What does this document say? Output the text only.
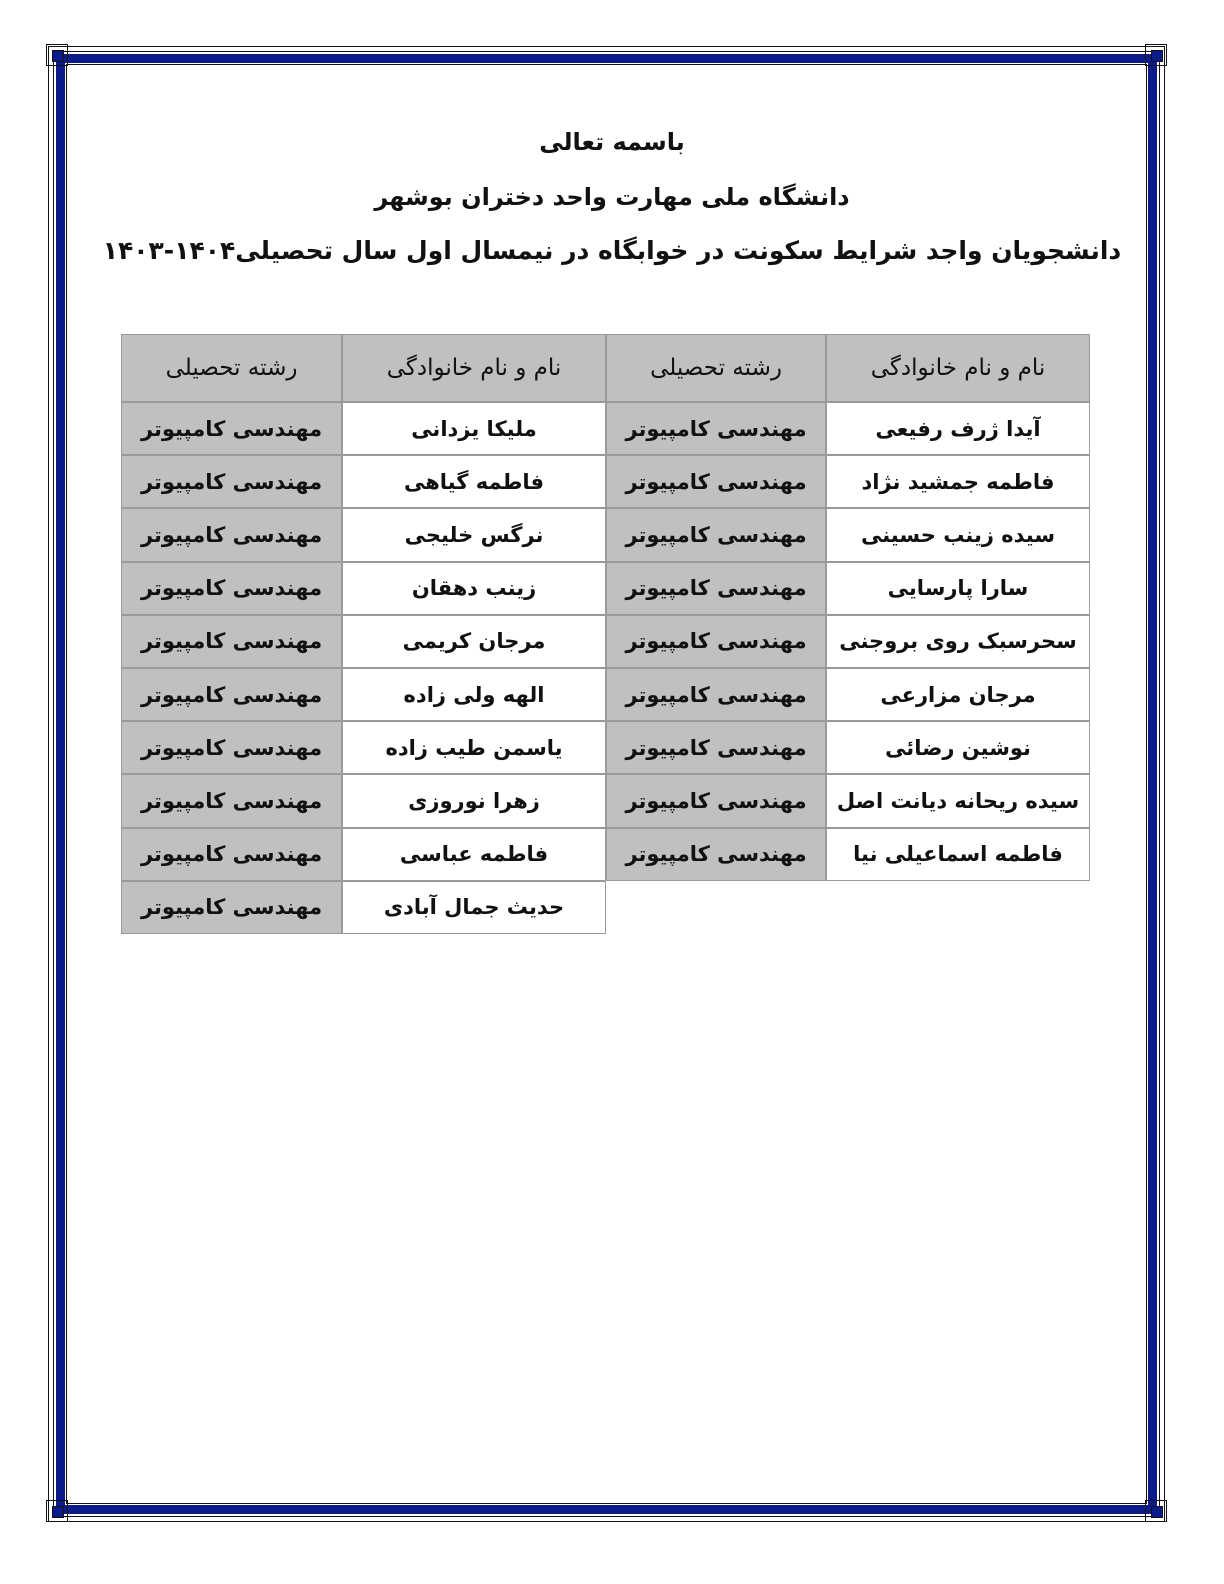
باسمه تعالی
دانشگاه ملی مهارت واحد دختران بوشهر
دانشجویان واجد شرایط سکونت در خوابگاه در نیمسال اول سال تحصیلی۱۴۰۴-۱۴۰۳
نام و نام خانوادگی
رشته تحصیلی
نام و نام خانوادگی
رشته تحصیلی
آیدا ژرف رفیعی
مهندسی کامپیوتر
فاطمه جمشید نژاد
مهندسی کامپیوتر
سیده زینب حسینی
مهندسی کامپیوتر
سارا پارسایی
مهندسی کامپیوتر
سحرسبک روی بروجنی
مهندسی کامپیوتر
مرجان مزارعی
مهندسی کامپیوتر
نوشین رضائی
مهندسی کامپیوتر
سیده ریحانه دیانت اصل
مهندسی کامپیوتر
فاطمه اسماعیلی نیا
مهندسی کامپیوتر
ملیکا یزدانی
مهندسی کامپیوتر
فاطمه گیاهی
مهندسی کامپیوتر
نرگس خلیجی
مهندسی کامپیوتر
زینب دهقان
مهندسی کامپیوتر
مرجان کریمی
مهندسی کامپیوتر
الهه ولی زاده
مهندسی کامپیوتر
یاسمن طیب زاده
مهندسی کامپیوتر
زهرا نوروزی
مهندسی کامپیوتر
فاطمه عباسی
مهندسی کامپیوتر
حدیث جمال آبادی
مهندسی کامپیوتر
